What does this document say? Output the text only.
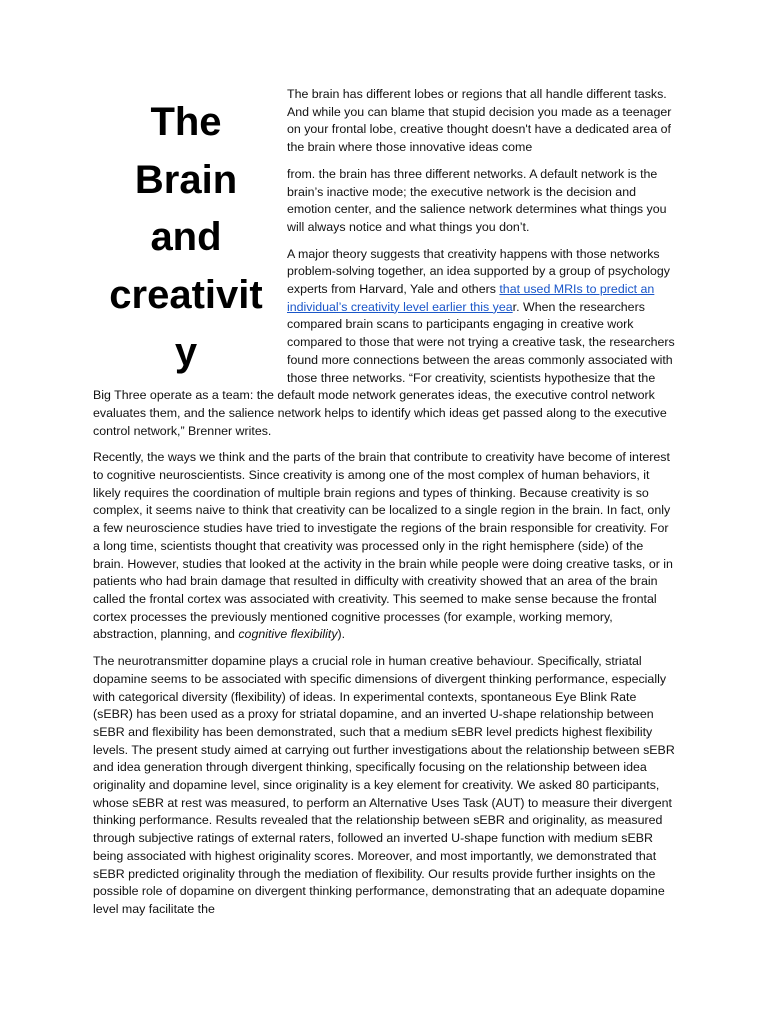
The
Brain
and
creativit
y

The brain has different lobes or regions that all handle different tasks. And while you can blame that stupid decision you made as a teenager on your frontal lobe, creative thought doesn't have a dedicated area of the brain where those innovative ideas come

from. the brain has three different networks. A default network is the brain’s inactive mode; the executive network is the decision and emotion center, and the salience network determines what things you will always notice and what things you don’t.

A major theory suggests that creativity happens with those networks problem-solving together, an idea supported by a group of psychology experts from Harvard, Yale and others that used MRIs to predict an individual’s creativity level earlier this year. When the researchers compared brain scans to participants engaging in creative work compared to those that were not trying a creative task, the researchers found more connections between the areas commonly associated with those three networks. “For creativity, scientists hypothesize that the Big Three operate as a team: the default mode network generates ideas, the executive control network evaluates them, and the salience network helps to identify which ideas get passed along to the executive control network,” Brenner writes.

Recently, the ways we think and the parts of the brain that contribute to creativity have become of interest to cognitive neuroscientists. Since creativity is among one of the most complex of human behaviors, it likely requires the coordination of multiple brain regions and types of thinking. Because creativity is so complex, it seems naive to think that creativity can be localized to a single region in the brain. In fact, only a few neuroscience studies have tried to investigate the regions of the brain responsible for creativity. For a long time, scientists thought that creativity was processed only in the right hemisphere (side) of the brain. However, studies that looked at the activity in the brain while people were doing creative tasks, or in patients who had brain damage that resulted in difficulty with creativity showed that an area of the brain called the frontal cortex was associated with creativity. This seemed to make sense because the frontal cortex processes the previously mentioned cognitive processes (for example, working memory, abstraction, planning, and cognitive flexibility).

The neurotransmitter dopamine plays a crucial role in human creative behaviour. Specifically, striatal dopamine seems to be associated with specific dimensions of divergent thinking performance, especially with categorical diversity (flexibility) of ideas. In experimental contexts, spontaneous Eye Blink Rate (sEBR) has been used as a proxy for striatal dopamine, and an inverted U-shape relationship between sEBR and flexibility has been demonstrated, such that a medium sEBR level predicts highest flexibility levels. The present study aimed at carrying out further investigations about the relationship between sEBR and idea generation through divergent thinking, specifically focusing on the relationship between idea originality and dopamine level, since originality is a key element for creativity. We asked 80 participants, whose sEBR at rest was measured, to perform an Alternative Uses Task (AUT) to measure their divergent thinking performance. Results revealed that the relationship between sEBR and originality, as measured through subjective ratings of external raters, followed an inverted U-shape function with medium sEBR being associated with highest originality scores. Moreover, and most importantly, we demonstrated that sEBR predicted originality through the mediation of flexibility. Our results provide further insights on the possible role of dopamine on divergent thinking performance, demonstrating that an adequate dopamine level may facilitate the
